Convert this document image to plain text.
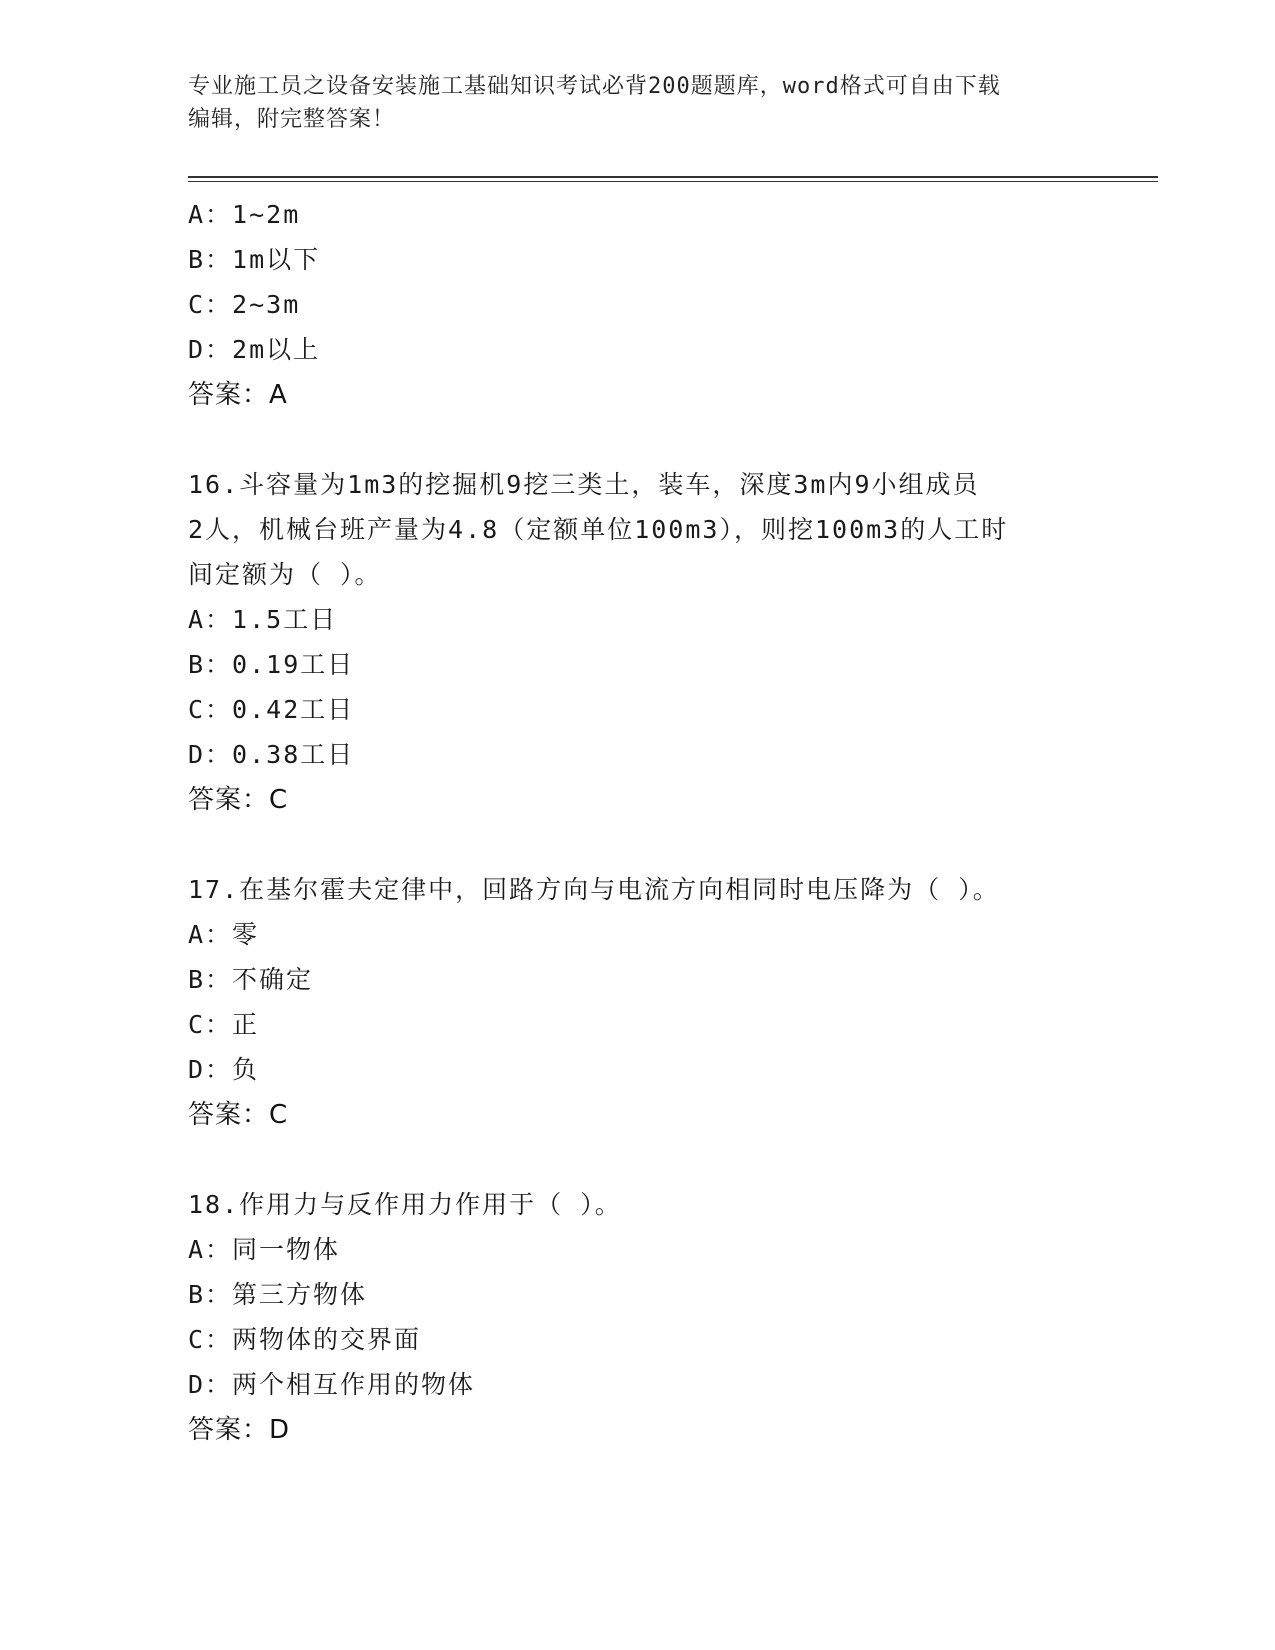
专业施工员之设备安装施工基础知识考试必背200题题库，word格式可自由下载
编辑，附完整答案！
A：1~2m
B：1m以下
C：2~3m
D：2m以上
答案：A
16.斗容量为1m3的挖掘机9挖三类土，装车，深度3m内9小组成员
2人，机械台班产量为4.8（定额单位100m3），则挖100m3的人工时
间定额为（ ）。
A：1.5工日
B：0.19工日
C：0.42工日
D：0.38工日
答案：C
17.在基尔霍夫定律中，回路方向与电流方向相同时电压降为（ ）。
A：零
B：不确定
C：正
D：负
答案：C
18.作用力与反作用力作用于（ ）。
A：同一物体
B：第三方物体
C：两物体的交界面
D：两个相互作用的物体
答案：D
